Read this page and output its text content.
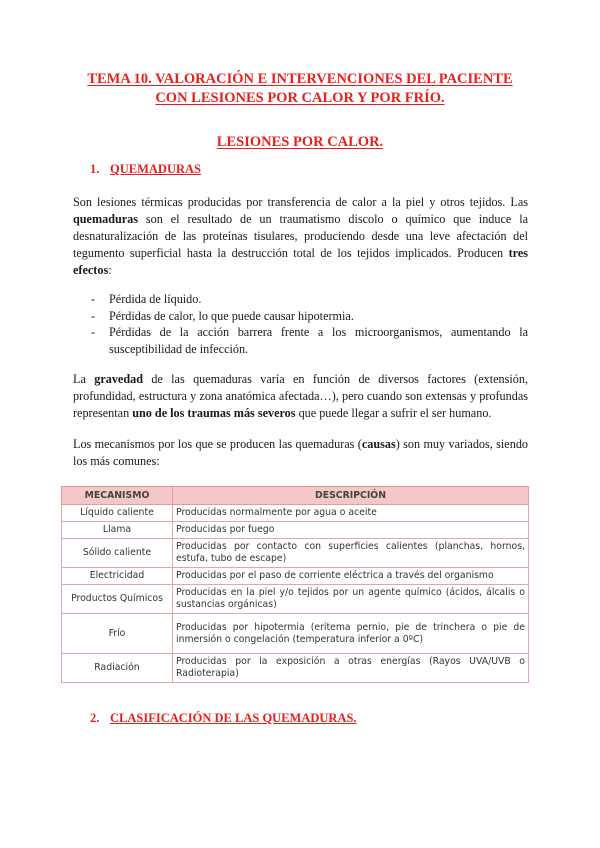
TEMA 10. VALORACIÓN E INTERVENCIONES DEL PACIENTE
CON LESIONES POR CALOR Y POR FRÍO.
LESIONES POR CALOR.
1. QUEMADURAS
Son lesiones térmicas producidas por transferencia de calor a la piel y otros tejidos. Las quemaduras son el resultado de un traumatismo discolo o químico que induce la desnaturalización de las proteínas tisulares, produciendo desde una leve afectación del tegumento superficial hasta la destrucción total de los tejidos implicados. Producen tres efectos:
- Pérdida de líquido.
- Pérdidas de calor, lo que puede causar hipotermia.
- Pérdidas de la acción barrera frente a los microorganismos, aumentando la susceptibilidad de infección.
La gravedad de las quemaduras varía en función de diversos factores (extensión, profundidad, estructura y zona anatómica afectada…), pero cuando son extensas y profundas representan uno de los traumas más severos que puede llegar a sufrir el ser humano.
Los mecanismos por los que se producen las quemaduras (causas) son muy variados, siendo los más comunes:
MECANISMO	DESCRIPCIÓN
Líquido caliente	Producidas normalmente por agua o aceite
Llama	Producidas por fuego
Sólido caliente	Producidas por contacto con superficies calientes (planchas, hornos, estufa, tubo de escape)
Electricidad	Producidas por el paso de corriente eléctrica a través del organismo
Productos Químicos	Producidas en la piel y/o tejidos por un agente químico (ácidos, álcalis o sustancias orgánicas)
Frío	Producidas por hipotermia (eritema pernio, pie de trinchera o pie de inmersión o congelación (temperatura inferior a 0ºC)
Radiación	Producidas por la exposición a otras energías (Rayos UVA/UVB o Radioterapia)
2. CLASIFICACIÓN DE LAS QUEMADURAS.
